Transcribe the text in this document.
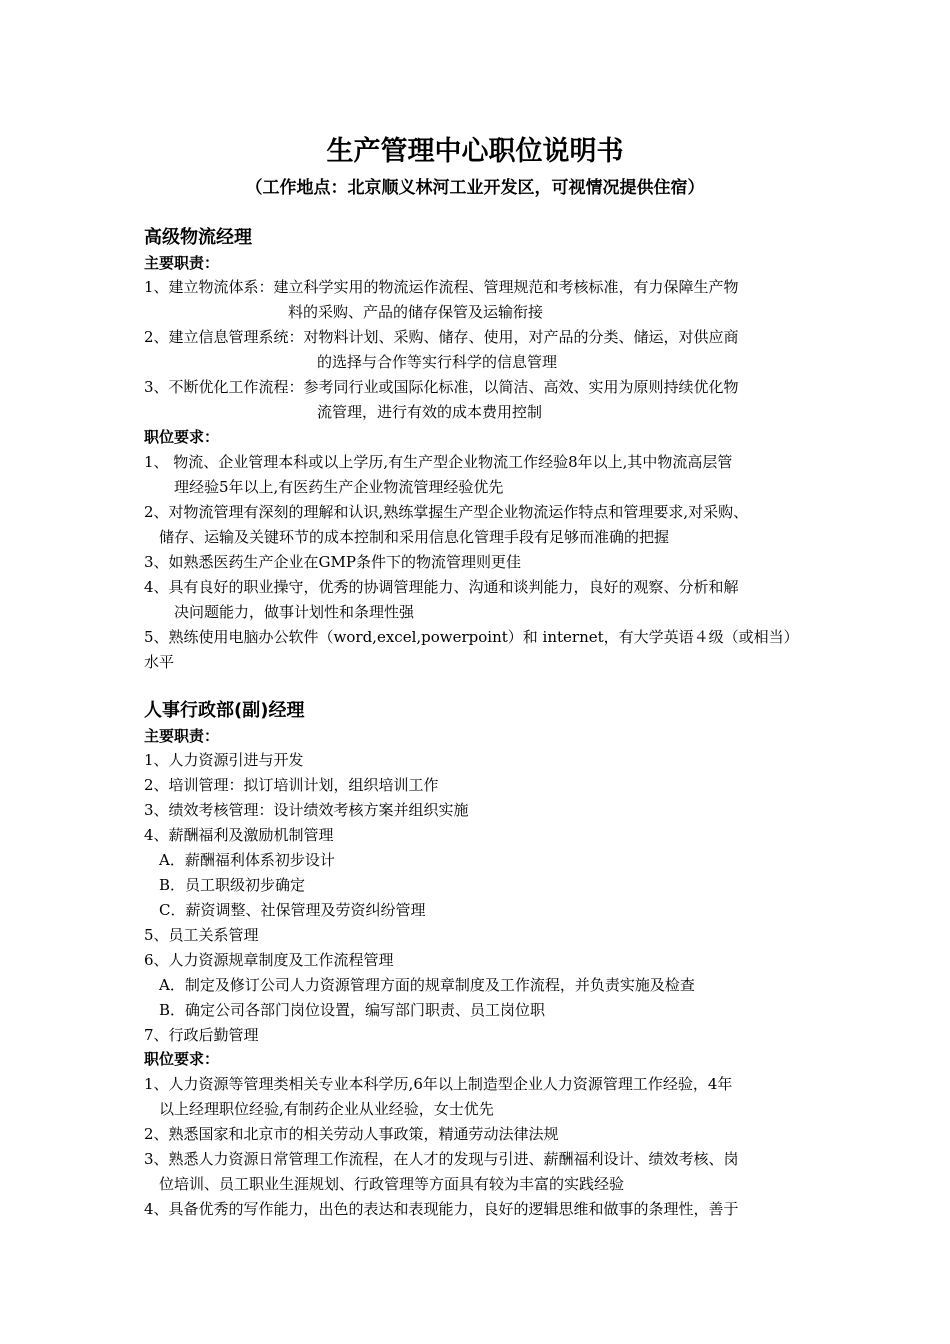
生产管理中心职位说明书
（工作地点：北京顺义林河工业开发区，可视情况提供住宿）
高级物流经理
主要职责：
1、建立物流体系：建立科学实用的物流运作流程、管理规范和考核标准，有力保障生产物
料的采购、产品的储存保管及运输衔接
2、建立信息管理系统：对物料计划、采购、储存、使用，对产品的分类、储运，对供应商
的选择与合作等实行科学的信息管理
3、不断优化工作流程：参考同行业或国际化标准，以简洁、高效、实用为原则持续优化物
流管理，进行有效的成本费用控制
职位要求：
1、 物流、企业管理本科或以上学历,有生产型企业物流工作经验8年以上,其中物流高层管
理经验5年以上,有医药生产企业物流管理经验优先
2、对物流管理有深刻的理解和认识,熟练掌握生产型企业物流运作特点和管理要求,对采购、
储存、运输及关键环节的成本控制和采用信息化管理手段有足够而准确的把握
3、如熟悉医药生产企业在GMP条件下的物流管理则更佳
4、具有良好的职业操守，优秀的协调管理能力、沟通和谈判能力，良好的观察、分析和解
决问题能力，做事计划性和条理性强
5、熟练使用电脑办公软件（word,excel,powerpoint）和 internet，有大学英语４级（或相当）
水平
人事行政部(副)经理
主要职责：
1、人力资源引进与开发
2、培训管理：拟订培训计划，组织培训工作
3、绩效考核管理：设计绩效考核方案并组织实施
4、薪酬福利及激励机制管理
A．薪酬福利体系初步设计
B．员工职级初步确定
C．薪资调整、社保管理及劳资纠纷管理
5、员工关系管理
6、人力资源规章制度及工作流程管理
A．制定及修订公司人力资源管理方面的规章制度及工作流程，并负责实施及检查
B．确定公司各部门岗位设置，编写部门职责、员工岗位职
7、行政后勤管理
职位要求：
1、人力资源等管理类相关专业本科学历,6年以上制造型企业人力资源管理工作经验，4年
以上经理职位经验,有制药企业从业经验，女士优先
2、熟悉国家和北京市的相关劳动人事政策，精通劳动法律法规
3、熟悉人力资源日常管理工作流程，在人才的发现与引进、薪酬福利设计、绩效考核、岗
位培训、员工职业生涯规划、行政管理等方面具有较为丰富的实践经验
4、具备优秀的写作能力，出色的表达和表现能力，良好的逻辑思维和做事的条理性，善于
